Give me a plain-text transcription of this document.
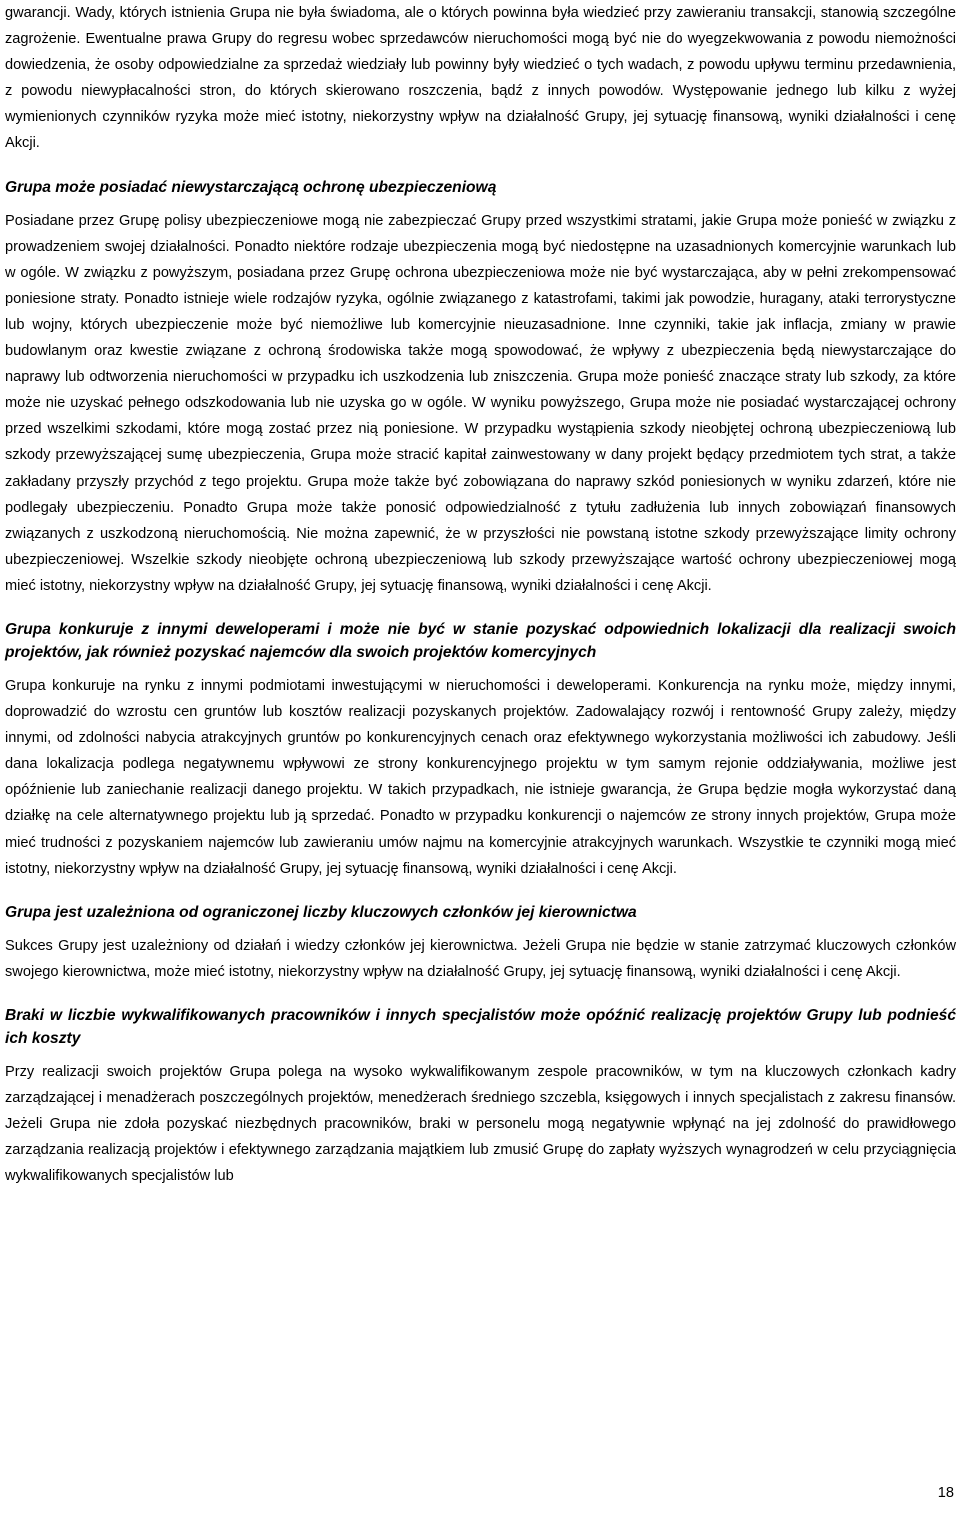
gwarancji. Wady, których istnienia Grupa nie była świadoma, ale o których powinna była wiedzieć przy zawieraniu transakcji, stanowią szczególne zagrożenie. Ewentualne prawa Grupy do regresu wobec sprzedawców nieruchomości mogą być nie do wyegzekwowania z powodu niemożności dowiedzenia, że osoby odpowiedzialne za sprzedaż wiedziały lub powinny były wiedzieć o tych wadach, z powodu upływu terminu przedawnienia, z powodu niewypłacalności stron, do których skierowano roszczenia, bądź z innych powodów. Występowanie jednego lub kilku z wyżej wymienionych czynników ryzyka może mieć istotny, niekorzystny wpływ na działalność Grupy, jej sytuację finansową, wyniki działalności i cenę Akcji.

Grupa może posiadać niewystarczającą ochronę ubezpieczeniową

Posiadane przez Grupę polisy ubezpieczeniowe mogą nie zabezpieczać Grupy przed wszystkimi stratami, jakie Grupa może ponieść w związku z prowadzeniem swojej działalności. Ponadto niektóre rodzaje ubezpieczenia mogą być niedostępne na uzasadnionych komercyjnie warunkach lub w ogóle. W związku z powyższym, posiadana przez Grupę ochrona ubezpieczeniowa może nie być wystarczająca, aby w pełni zrekompensować poniesione straty. Ponadto istnieje wiele rodzajów ryzyka, ogólnie związanego z katastrofami, takimi jak powodzie, huragany, ataki terrorystyczne lub wojny, których ubezpieczenie może być niemożliwe lub komercyjnie nieuzasadnione. Inne czynniki, takie jak inflacja, zmiany w prawie budowlanym oraz kwestie związane z ochroną środowiska także mogą spowodować, że wpływy z ubezpieczenia będą niewystarczające do naprawy lub odtworzenia nieruchomości w przypadku ich uszkodzenia lub zniszczenia. Grupa może ponieść znaczące straty lub szkody, za które może nie uzyskać pełnego odszkodowania lub nie uzyska go w ogóle. W wyniku powyższego, Grupa może nie posiadać wystarczającej ochrony przed wszelkimi szkodami, które mogą zostać przez nią poniesione. W przypadku wystąpienia szkody nieobjętej ochroną ubezpieczeniową lub szkody przewyższającej sumę ubezpieczenia, Grupa może stracić kapitał zainwestowany w dany projekt będący przedmiotem tych strat, a także zakładany przyszły przychód z tego projektu. Grupa może także być zobowiązana do naprawy szkód poniesionych w wyniku zdarzeń, które nie podlegały ubezpieczeniu. Ponadto Grupa może także ponosić odpowiedzialność z tytułu zadłużenia lub innych zobowiązań finansowych związanych z uszkodzoną nieruchomością. Nie można zapewnić, że w przyszłości nie powstaną istotne szkody przewyższające limity ochrony ubezpieczeniowej. Wszelkie szkody nieobjęte ochroną ubezpieczeniową lub szkody przewyższające wartość ochrony ubezpieczeniowej mogą mieć istotny, niekorzystny wpływ na działalność Grupy, jej sytuację finansową, wyniki działalności i cenę Akcji.

Grupa konkuruje z innymi deweloperami i może nie być w stanie pozyskać odpowiednich lokalizacji dla realizacji swoich projektów, jak również pozyskać najemców dla swoich projektów komercyjnych

Grupa konkuruje na rynku z innymi podmiotami inwestującymi w nieruchomości i deweloperami. Konkurencja na rynku może, między innymi, doprowadzić do wzrostu cen gruntów lub kosztów realizacji pozyskanych projektów. Zadowalający rozwój i rentowność Grupy zależy, między innymi, od zdolności nabycia atrakcyjnych gruntów po konkurencyjnych cenach oraz efektywnego wykorzystania możliwości ich zabudowy. Jeśli dana lokalizacja podlega negatywnemu wpływowi ze strony konkurencyjnego projektu w tym samym rejonie oddziaływania, możliwe jest opóźnienie lub zaniechanie realizacji danego projektu. W takich przypadkach, nie istnieje gwarancja, że Grupa będzie mogła wykorzystać daną działkę na cele alternatywnego projektu lub ją sprzedać. Ponadto w przypadku konkurencji o najemców ze strony innych projektów, Grupa może mieć trudności z pozyskaniem najemców lub zawieraniu umów najmu na komercyjnie atrakcyjnych warunkach. Wszystkie te czynniki mogą mieć istotny, niekorzystny wpływ na działalność Grupy, jej sytuację finansową, wyniki działalności i cenę Akcji.

Grupa jest uzależniona od ograniczonej liczby kluczowych członków jej kierownictwa

Sukces Grupy jest uzależniony od działań i wiedzy członków jej kierownictwa. Jeżeli Grupa nie będzie w stanie zatrzymać kluczowych członków swojego kierownictwa, może mieć istotny, niekorzystny wpływ na działalność Grupy, jej sytuację finansową, wyniki działalności i cenę Akcji.

Braki w liczbie wykwalifikowanych pracowników i innych specjalistów może opóźnić realizację projektów Grupy lub podnieść ich koszty

Przy realizacji swoich projektów Grupa polega na wysoko wykwalifikowanym zespole pracowników, w tym na kluczowych członkach kadry zarządzającej i menadżerach poszczególnych projektów, menedżerach średniego szczebla, księgowych i innych specjalistach z zakresu finansów. Jeżeli Grupa nie zdoła pozyskać niezbędnych pracowników, braki w personelu mogą negatywnie wpłynąć na jej zdolność do prawidłowego zarządzania realizacją projektów i efektywnego zarządzania majątkiem lub zmusić Grupę do zapłaty wyższych wynagrodzeń w celu przyciągnięcia wykwalifikowanych specjalistów lub

18
